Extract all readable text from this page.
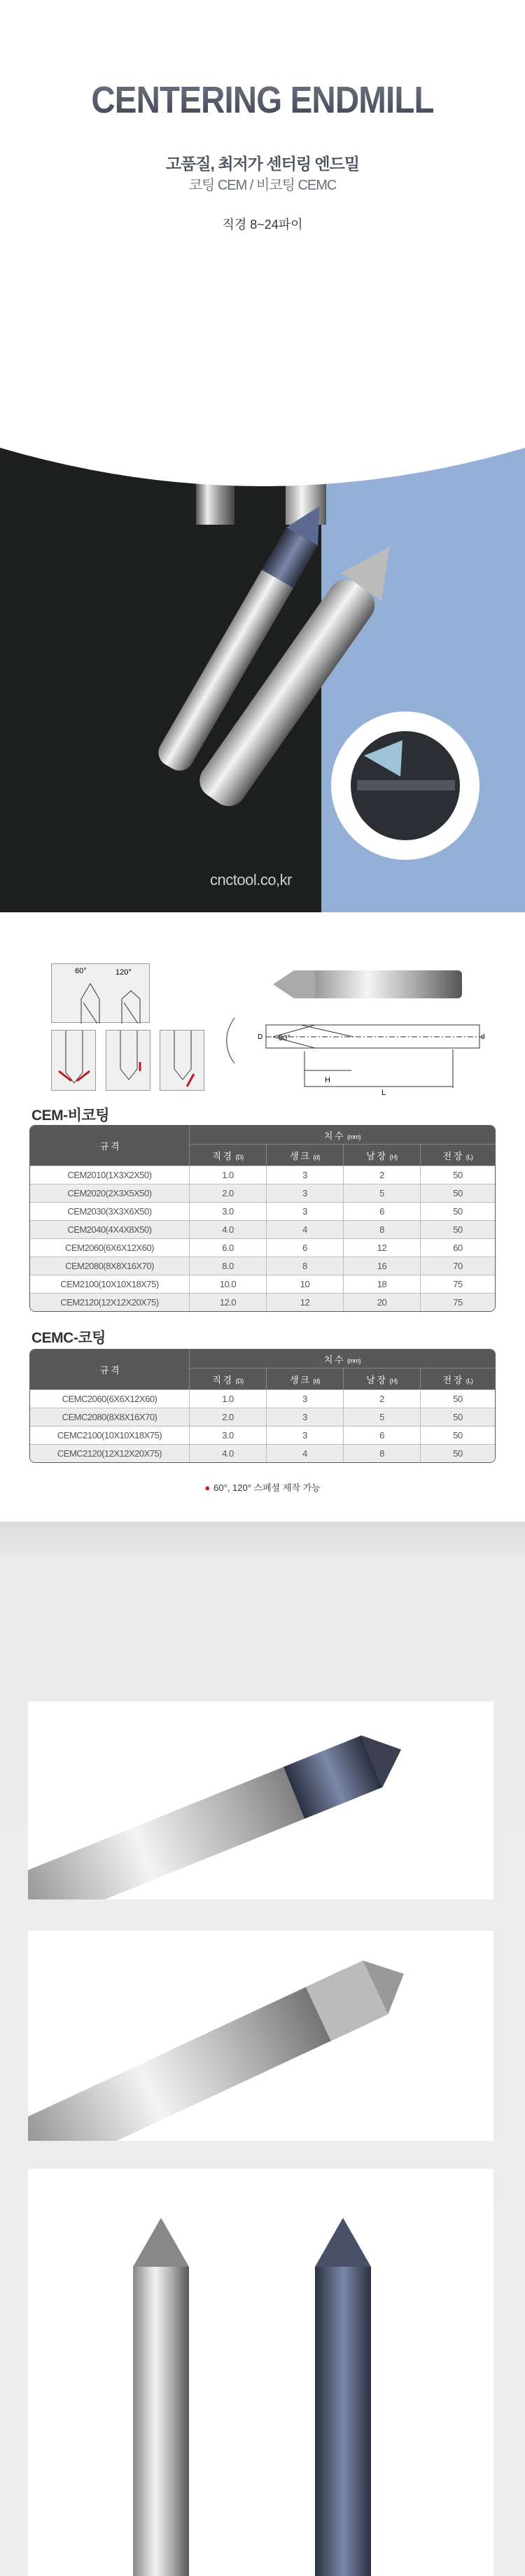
CENTERING ENDMILL
고품질, 최저가 센터링 엔드밀
코팅 CEM / 비코팅 CEMC
직경 8~24파이
cnctool.co,kr
60°	120°
90°
D	d
H
L
CEM-비코팅
규 격	치 수 (mm)			
	직 경 (D)	생 크 (d)	날 장 (H)	전 장 (L)
CEM2010(1X3X2X50)	1.0	3	2	50
CEM2020(2X3X5X50)	2.0	3	5	50
CEM2030(3X3X6X50)	3.0	3	6	50
CEM2040(4X4X8X50)	4.0	4	8	50
CEM2060(6X6X12X60)	6.0	6	12	60
CEM2080(8X8X16X70)	8.0	8	16	70
CEM2100(10X10X18X75)	10.0	10	18	75
CEM2120(12X12X20X75)	12.0	12	20	75
CEMC-코팅
규 격	치 수 (mm)			
	직 경 (D)	생 크 (d)	날 장 (H)	전 장 (L)
CEMC2060(6X6X12X60)	1.0	3	2	50
CEMC2080(8X8X16X70)	2.0	3	5	50
CEMC2100(10X10X18X75)	3.0	3	6	50
CEMC2120(12X12X20X75)	4.0	4	8	50
● 60°, 120° 스페셜 제작 가능
